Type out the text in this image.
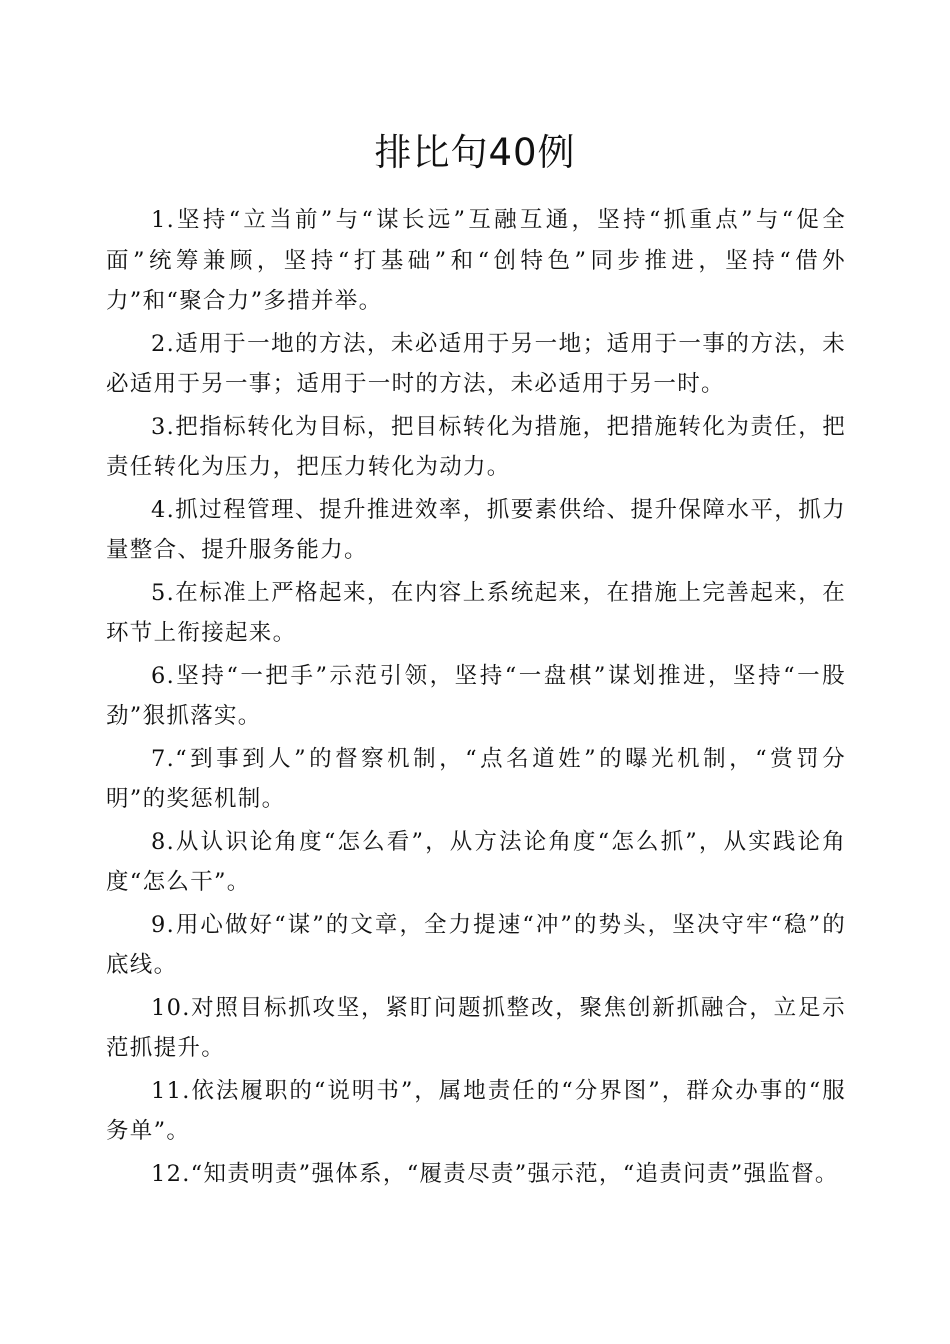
排比句40例

1.坚持“立当前”与“谋长远”互融互通，坚持“抓重点”与“促全面”统筹兼顾，坚持“打基础”和“创特色”同步推进，坚持“借外力”和“聚合力”多措并举。

2.适用于一地的方法，未必适用于另一地；适用于一事的方法，未必适用于另一事；适用于一时的方法，未必适用于另一时。

3.把指标转化为目标，把目标转化为措施，把措施转化为责任，把责任转化为压力，把压力转化为动力。

4.抓过程管理、提升推进效率，抓要素供给、提升保障水平，抓力量整合、提升服务能力。

5.在标准上严格起来，在内容上系统起来，在措施上完善起来，在环节上衔接起来。

6.坚持“一把手”示范引领，坚持“一盘棋”谋划推进，坚持“一股劲”狠抓落实。

7.“到事到人”的督察机制，“点名道姓”的曝光机制，“赏罚分明”的奖惩机制。

8.从认识论角度“怎么看”，从方法论角度“怎么抓”，从实践论角度“怎么干”。

9.用心做好“谋”的文章，全力提速“冲”的势头，坚决守牢“稳”的底线。

10.对照目标抓攻坚，紧盯问题抓整改，聚焦创新抓融合，立足示范抓提升。

11.依法履职的“说明书”，属地责任的“分界图”，群众办事的“服务单”。

12.“知责明责”强体系，“履责尽责”强示范，“追责问责”强监督。
